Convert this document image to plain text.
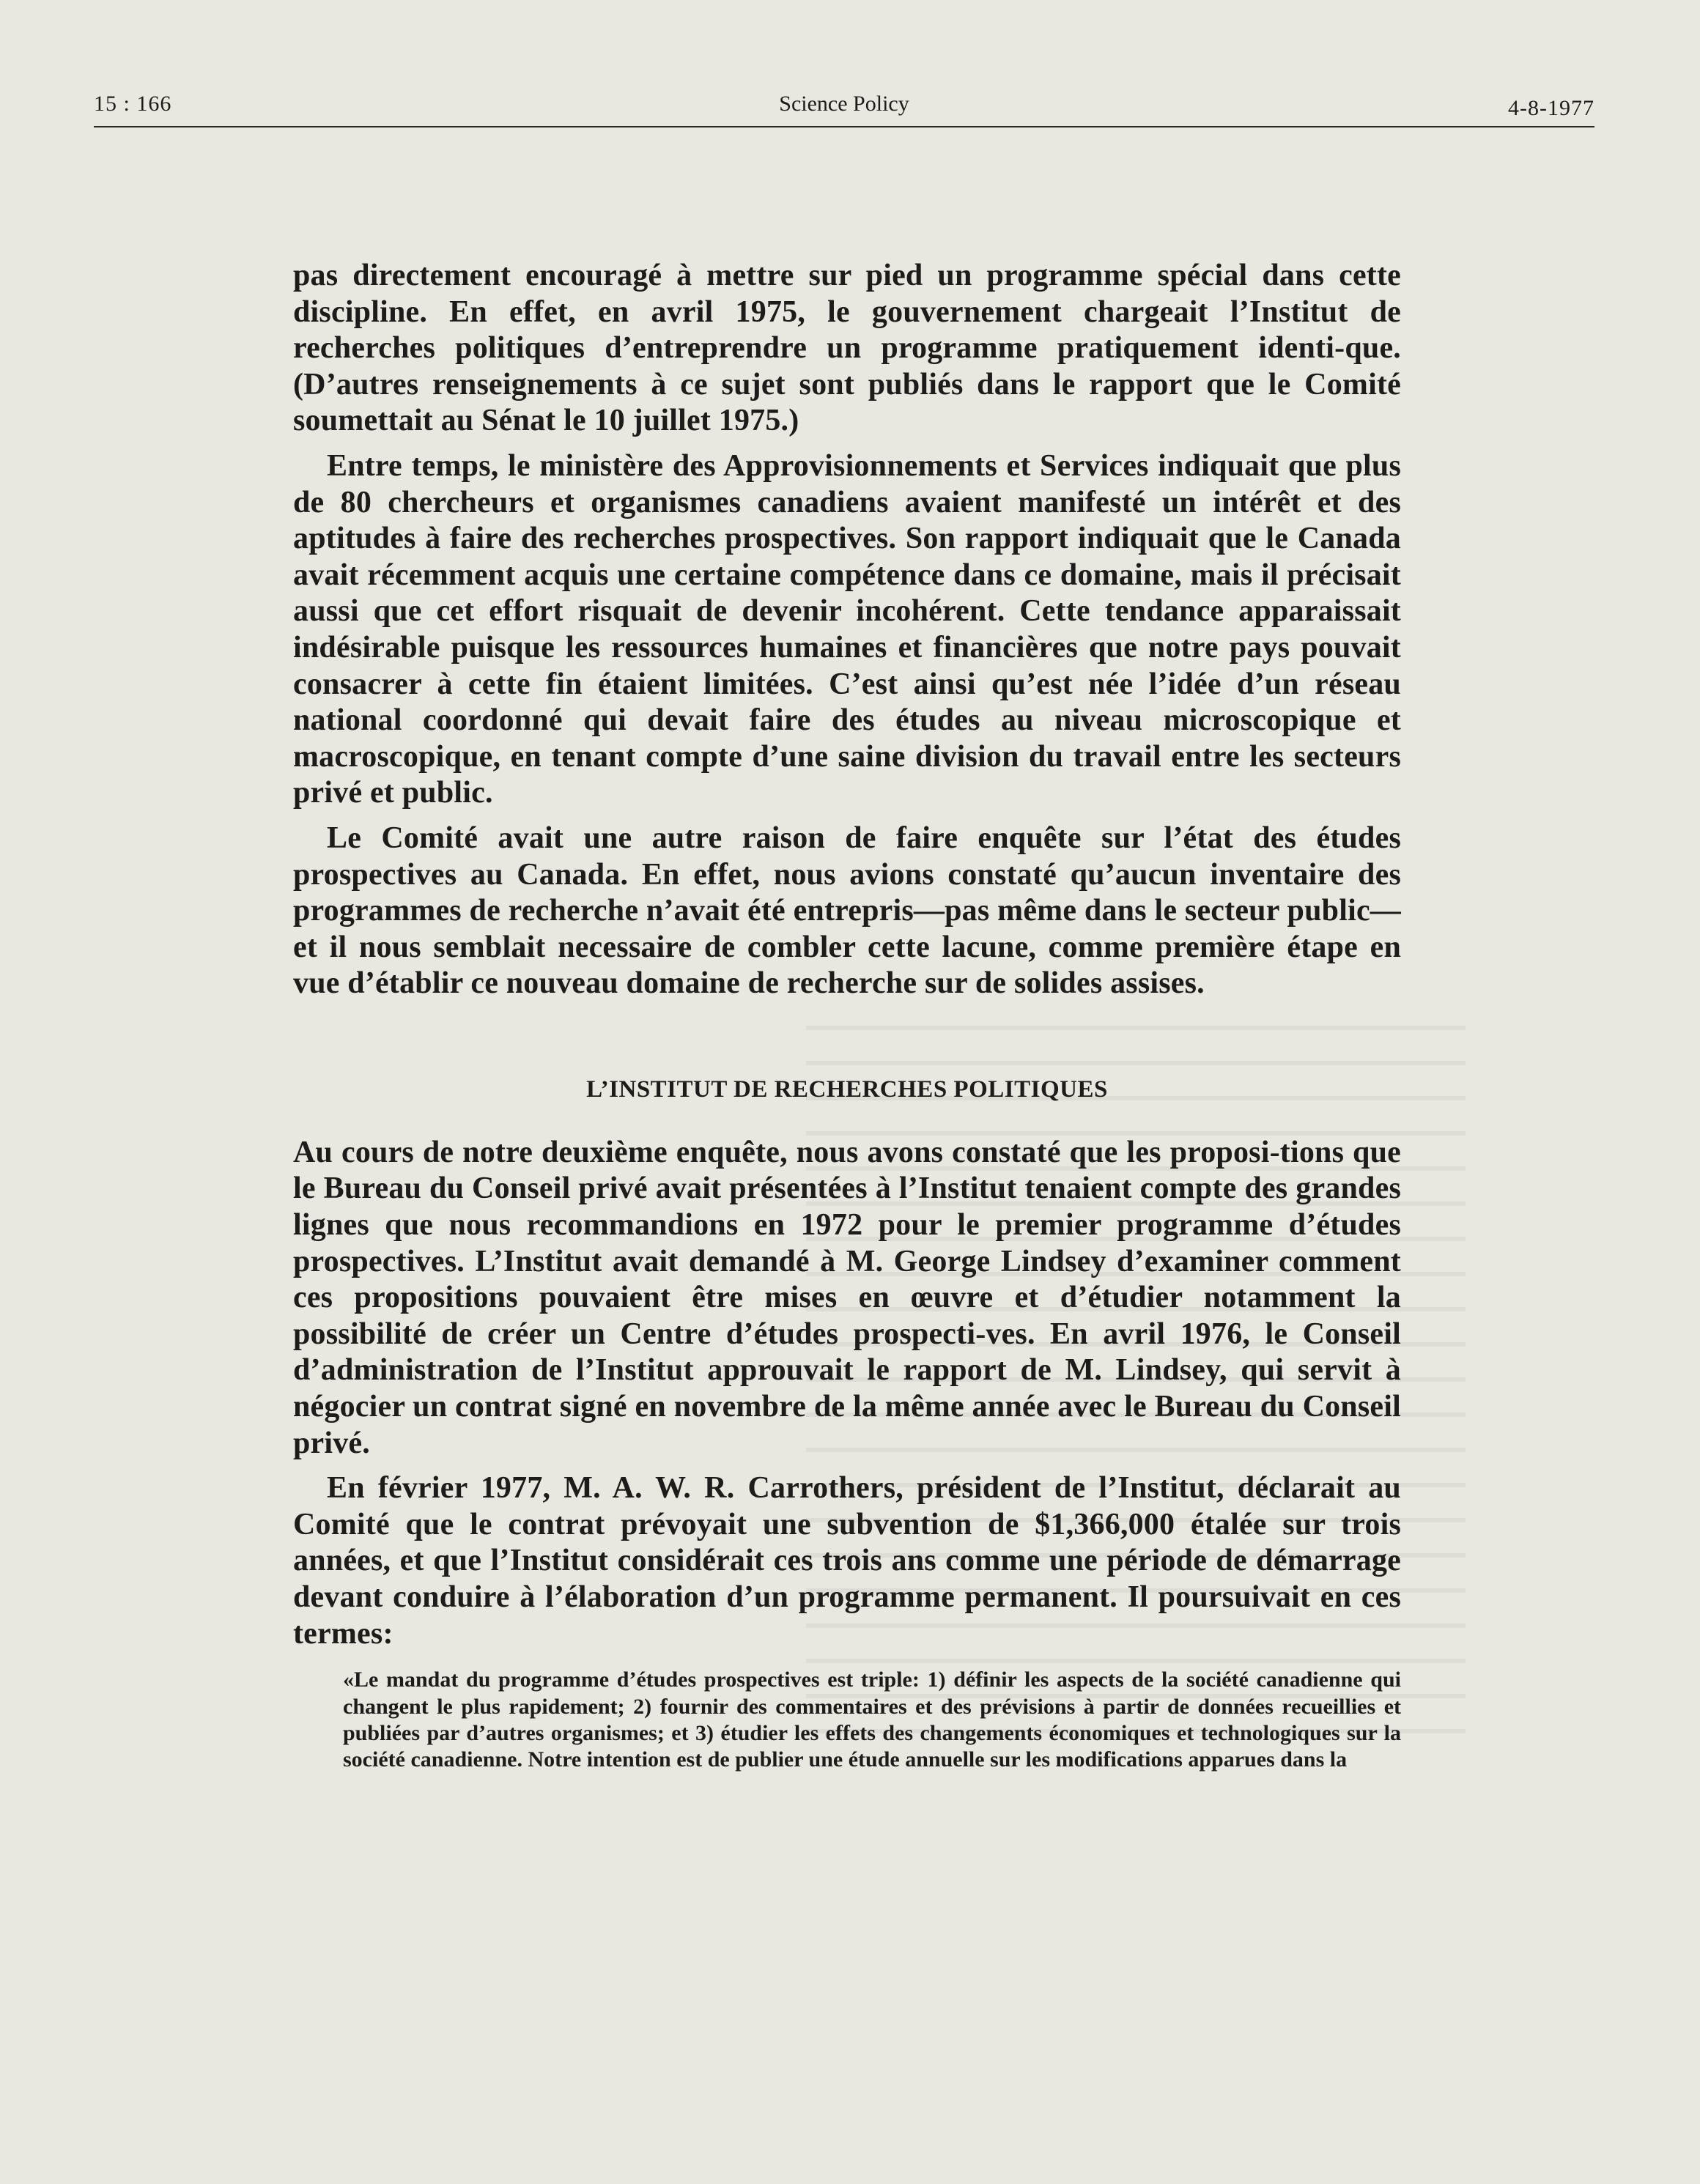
15 : 166	Science Policy	4-8-1977

pas directement encouragé à mettre sur pied un programme spécial dans cette discipline. En effet, en avril 1975, le gouvernement chargeait l’Institut de recherches politiques d’entreprendre un programme pratiquement identi-que. (D’autres renseignements à ce sujet sont publiés dans le rapport que le Comité soumettait au Sénat le 10 juillet 1975.)

Entre temps, le ministère des Approvisionnements et Services indiquait que plus de 80 chercheurs et organismes canadiens avaient manifesté un intérêt et des aptitudes à faire des recherches prospectives. Son rapport indiquait que le Canada avait récemment acquis une certaine compétence dans ce domaine, mais il précisait aussi que cet effort risquait de devenir incohérent. Cette tendance apparaissait indésirable puisque les ressources humaines et financières que notre pays pouvait consacrer à cette fin étaient limitées. C’est ainsi qu’est née l’idée d’un réseau national coordonné qui devait faire des études au niveau microscopique et macroscopique, en tenant compte d’une saine division du travail entre les secteurs privé et public.

Le Comité avait une autre raison de faire enquête sur l’état des études prospectives au Canada. En effet, nous avions constaté qu’aucun inventaire des programmes de recherche n’avait été entrepris—pas même dans le secteur public—et il nous semblait necessaire de combler cette lacune, comme première étape en vue d’établir ce nouveau domaine de recherche sur de solides assises.

L’INSTITUT DE RECHERCHES POLITIQUES

Au cours de notre deuxième enquête, nous avons constaté que les proposi-tions que le Bureau du Conseil privé avait présentées à l’Institut tenaient compte des grandes lignes que nous recommandions en 1972 pour le premier programme d’études prospectives. L’Institut avait demandé à M. George Lindsey d’examiner comment ces propositions pouvaient être mises en œuvre et d’étudier notamment la possibilité de créer un Centre d’études prospecti-ves. En avril 1976, le Conseil d’administration de l’Institut approuvait le rapport de M. Lindsey, qui servit à négocier un contrat signé en novembre de la même année avec le Bureau du Conseil privé.

En février 1977, M. A. W. R. Carrothers, président de l’Institut, déclarait au Comité que le contrat prévoyait une subvention de $1,366,000 étalée sur trois années, et que l’Institut considérait ces trois ans comme une période de démarrage devant conduire à l’élaboration d’un programme permanent. Il poursuivait en ces termes:

«Le mandat du programme d’études prospectives est triple: 1) définir les aspects de la société canadienne qui changent le plus rapidement; 2) fournir des commentaires et des prévisions à partir de données recueillies et publiées par d’autres organismes; et 3) étudier les effets des changements économiques et technologiques sur la société canadienne. Notre intention est de publier une étude annuelle sur les modifications apparues dans la
